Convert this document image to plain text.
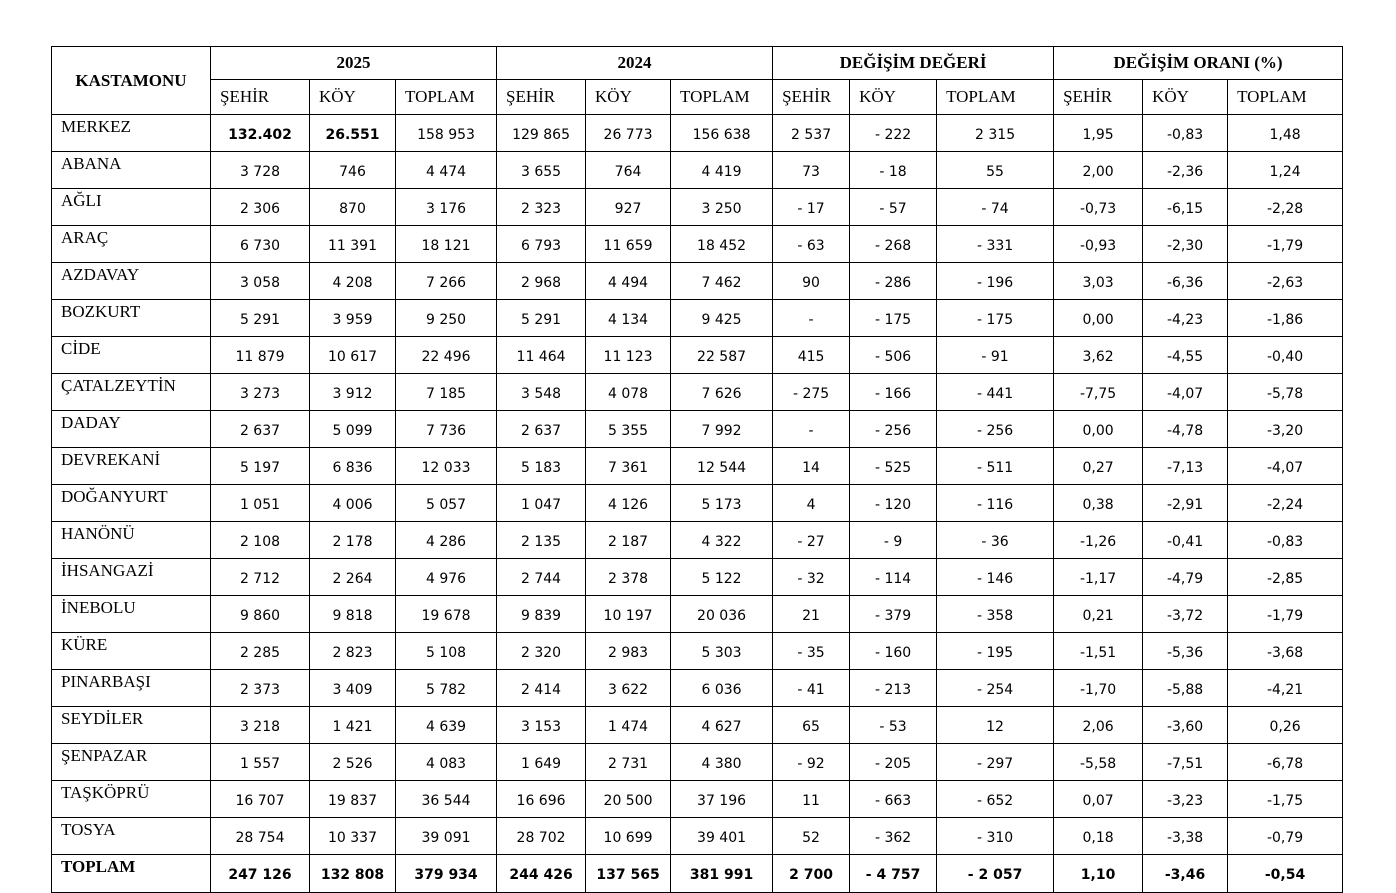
KASTAMONU	2025			2024			DEĞİŞİM DEĞERİ			DEĞİŞİM ORANI (%)		
	ŞEHİR	KÖY	TOPLAM	ŞEHİR	KÖY	TOPLAM	ŞEHİR	KÖY	TOPLAM	ŞEHİR	KÖY	TOPLAM
MERKEZ	132.402	26.551	158 953	129 865	26 773	156 638	2 537	- 222	2 315	1,95	-0,83	1,48
ABANA	3 728	746	4 474	3 655	764	4 419	73	- 18	55	2,00	-2,36	1,24
AĞLI	2 306	870	3 176	2 323	927	3 250	- 17	- 57	- 74	-0,73	-6,15	-2,28
ARAÇ	6 730	11 391	18 121	6 793	11 659	18 452	- 63	- 268	- 331	-0,93	-2,30	-1,79
AZDAVAY	3 058	4 208	7 266	2 968	4 494	7 462	90	- 286	- 196	3,03	-6,36	-2,63
BOZKURT	5 291	3 959	9 250	5 291	4 134	9 425	-	- 175	- 175	0,00	-4,23	-1,86
CİDE	11 879	10 617	22 496	11 464	11 123	22 587	415	- 506	- 91	3,62	-4,55	-0,40
ÇATALZEYTİN	3 273	3 912	7 185	3 548	4 078	7 626	- 275	- 166	- 441	-7,75	-4,07	-5,78
DADAY	2 637	5 099	7 736	2 637	5 355	7 992	-	- 256	- 256	0,00	-4,78	-3,20
DEVREKANİ	5 197	6 836	12 033	5 183	7 361	12 544	14	- 525	- 511	0,27	-7,13	-4,07
DOĞANYURT	1 051	4 006	5 057	1 047	4 126	5 173	4	- 120	- 116	0,38	-2,91	-2,24
HANÖNÜ	2 108	2 178	4 286	2 135	2 187	4 322	- 27	- 9	- 36	-1,26	-0,41	-0,83
İHSANGAZİ	2 712	2 264	4 976	2 744	2 378	5 122	- 32	- 114	- 146	-1,17	-4,79	-2,85
İNEBOLU	9 860	9 818	19 678	9 839	10 197	20 036	21	- 379	- 358	0,21	-3,72	-1,79
KÜRE	2 285	2 823	5 108	2 320	2 983	5 303	- 35	- 160	- 195	-1,51	-5,36	-3,68
PINARBAŞI	2 373	3 409	5 782	2 414	3 622	6 036	- 41	- 213	- 254	-1,70	-5,88	-4,21
SEYDİLER	3 218	1 421	4 639	3 153	1 474	4 627	65	- 53	12	2,06	-3,60	0,26
ŞENPAZAR	1 557	2 526	4 083	1 649	2 731	4 380	- 92	- 205	- 297	-5,58	-7,51	-6,78
TAŞKÖPRÜ	16 707	19 837	36 544	16 696	20 500	37 196	11	- 663	- 652	0,07	-3,23	-1,75
TOSYA	28 754	10 337	39 091	28 702	10 699	39 401	52	- 362	- 310	0,18	-3,38	-0,79
TOPLAM	247 126	132 808	379 934	244 426	137 565	381 991	2 700	- 4 757	- 2 057	1,10	-3,46	-0,54
